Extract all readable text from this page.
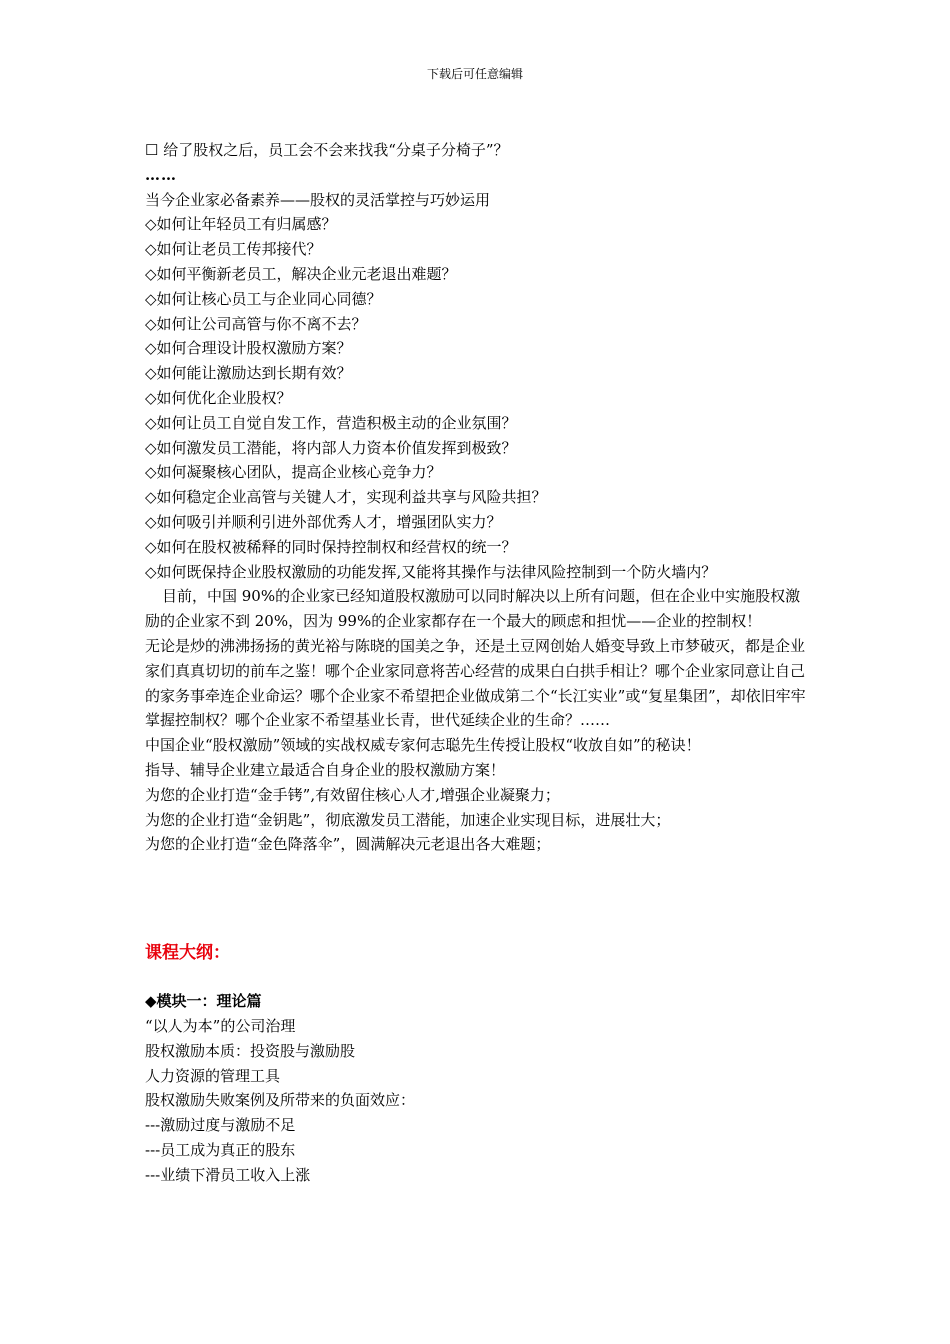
下载后可任意编辑
☐ 给了股权之后，员工会不会来找我“分桌子分椅子”？
……
当今企业家必备素养——股权的灵活掌控与巧妙运用
◇如何让年轻员工有归属感？
◇如何让老员工传邦接代？
◇如何平衡新老员工，解决企业元老退出难题？
◇如何让核心员工与企业同心同德？
◇如何让公司高管与你不离不去？
◇如何合理设计股权激励方案？
◇如何能让激励达到长期有效？
◇如何优化企业股权？
◇如何让员工自觉自发工作，营造积极主动的企业氛围？
◇如何激发员工潜能，将内部人力资本价值发挥到极致？
◇如何凝聚核心团队，提高企业核心竞争力？
◇如何稳定企业高管与关键人才，实现利益共享与风险共担？
◇如何吸引并顺利引进外部优秀人才，增强团队实力？
◇如何在股权被稀释的同时保持控制权和经营权的统一？
◇如何既保持企业股权激励的功能发挥,又能将其操作与法律风险控制到一个防火墙内？
目前，中国 90%的企业家已经知道股权激励可以同时解决以上所有问题，但在企业中实施股权激励的企业家不到 20%，因为 99%的企业家都存在一个最大的顾虑和担忧——企业的控制权！
无论是炒的沸沸扬扬的黄光裕与陈晓的国美之争，还是土豆网创始人婚变导致上市梦破灭，都是企业家们真真切切的前车之鉴！哪个企业家同意将苦心经营的成果白白拱手相让？哪个企业家同意让自己的家务事牵连企业命运？哪个企业家不希望把企业做成第二个“长江实业”或“复星集团”，却依旧牢牢掌握控制权？哪个企业家不希望基业长青，世代延续企业的生命？……
中国企业“股权激励”领域的实战权威专家何志聪先生传授让股权“收放自如”的秘诀！
指导、辅导企业建立最适合自身企业的股权激励方案！
为您的企业打造“金手铐”,有效留住核心人才,增强企业凝聚力；
为您的企业打造“金钥匙”，彻底激发员工潜能，加速企业实现目标，进展壮大；
为您的企业打造“金色降落伞”，圆满解决元老退出各大难题；
课程大纲：
◆模块一：理论篇
“以人为本”的公司治理
股权激励本质：投资股与激励股
人力资源的管理工具
股权激励失败案例及所带来的负面效应：
---激励过度与激励不足
---员工成为真正的股东
---业绩下滑员工收入上涨
